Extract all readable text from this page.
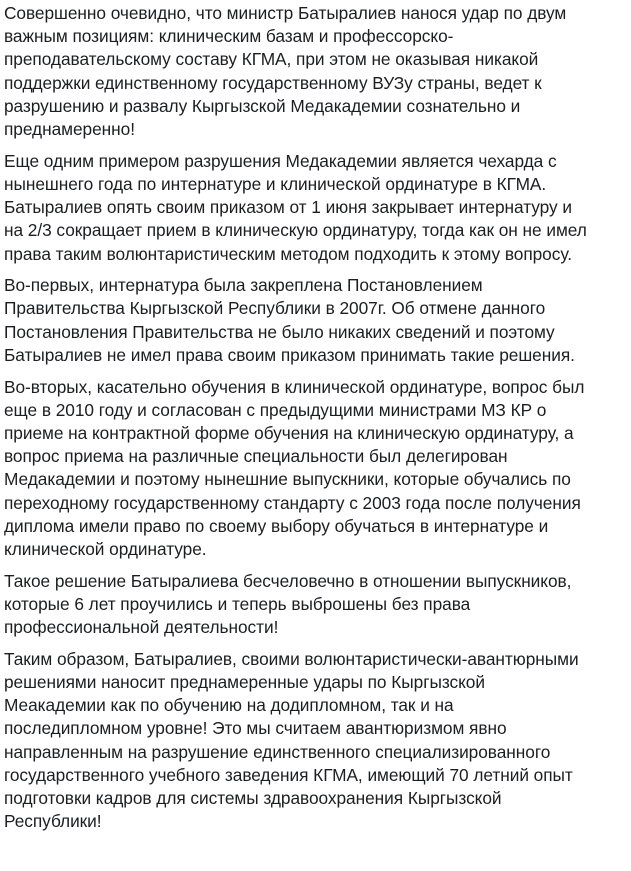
Совершенно очевидно, что министр Батыралиев нанося удар по двум
важным позициям: клиническим базам и профессорско-
преподавательскому составу КГМА, при этом не оказывая никакой
поддержки единственному государственному ВУЗу страны, ведет к
разрушению и развалу Кыргызской Медакадемии сознательно и
преднамеренно!

Еще одним примером разрушения Медакадемии является чехарда с
нынешнего года по интернатуре и клинической ординатуре в КГМА.
Батыралиев опять своим приказом от 1 июня закрывает интернатуру и
на 2/3 сокращает прием в клиническую ординатуру, тогда как он не имел
права таким волюнтаристическим методом подходить к этому вопросу.

Во-первых, интернатура была закреплена Постановлением
Правительства Кыргызской Республики в 2007г. Об отмене данного
Постановления Правительства не было никаких сведений и поэтому
Батыралиев не имел права своим приказом принимать такие решения.

Во-вторых, касательно обучения в клинической ординатуре, вопрос был
еще в 2010 году и согласован с предыдущими министрами МЗ КР о
приеме на контрактной форме обучения на клиническую ординатуру, а
вопрос приема на различные специальности был делегирован
Медакадемии и поэтому нынешние выпускники, которые обучались по
переходному государственному стандарту с 2003 года после получения
диплома имели право по своему выбору обучаться в интернатуре и
клинической ординатуре.

Такое решение Батыралиева бесчеловечно в отношении выпускников,
которые 6 лет проучились и теперь выброшены без права
профессиональной деятельности!

Таким образом, Батыралиев, своими волюнтаристически-авантюрными
решениями наносит преднамеренные удары по Кыргызской
Меакадемии как по обучению на додипломном, так и на
последипломном уровне! Это мы считаем авантюризмом явно
направленным на разрушение единственного специализированного
государственного учебного заведения КГМА, имеющий 70 летний опыт
подготовки кадров для системы здравоохранения Кыргызской
Республики!
